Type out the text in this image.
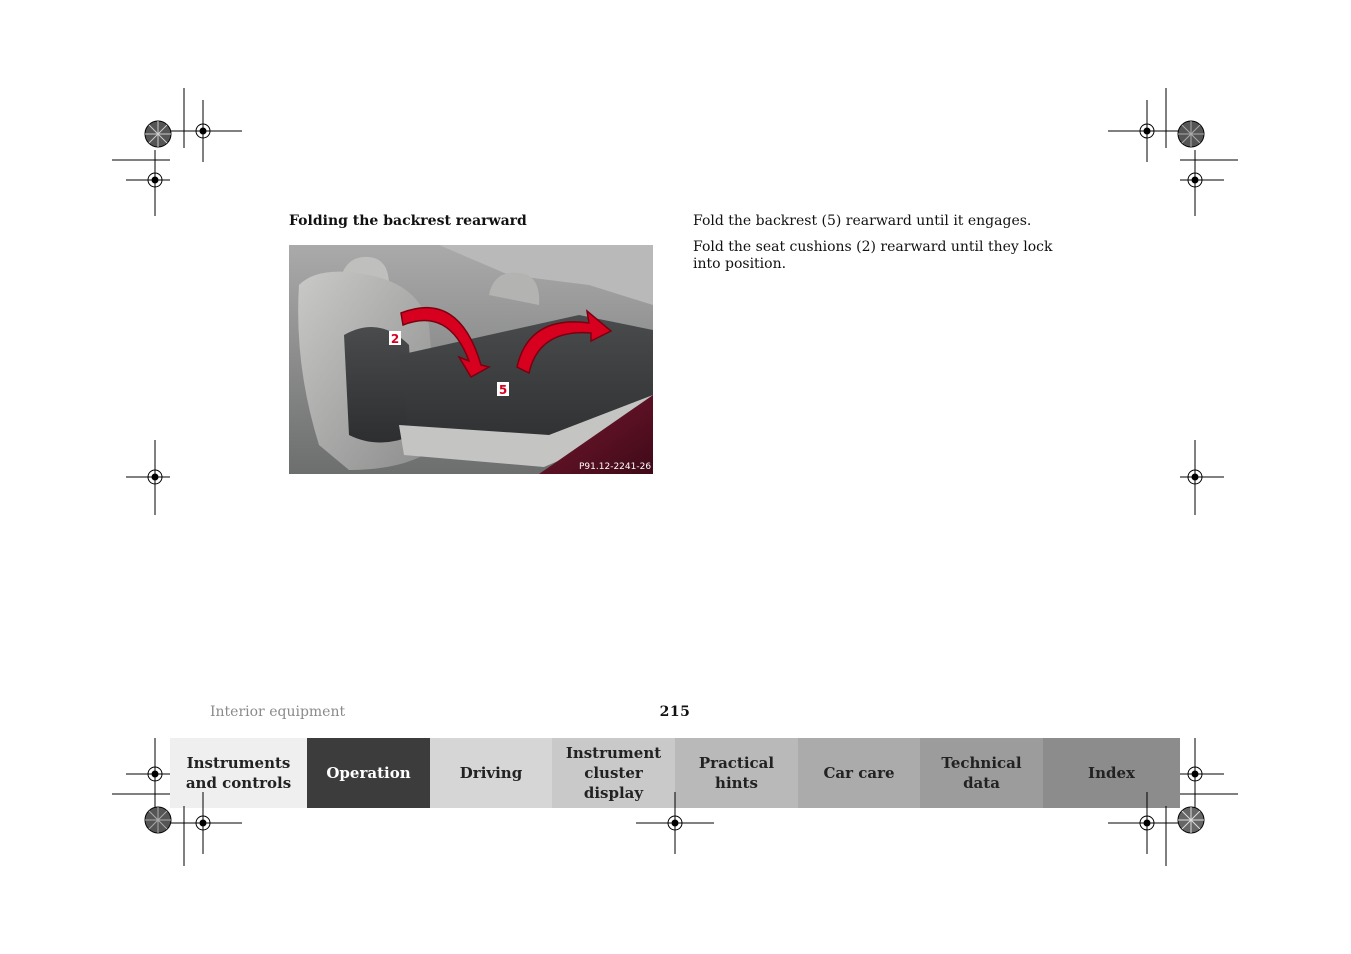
Folding the backrest rearward
2
5
P91.12-2241-26
Fold the backrest (5) rearward until it engages.
Fold the seat cushions (2) rearward until they lock into position.
Interior equipment	215
Instruments
and controls
Operation	Driving
Instrument
cluster display
Practical hints
Car care
Technical
data
Index
